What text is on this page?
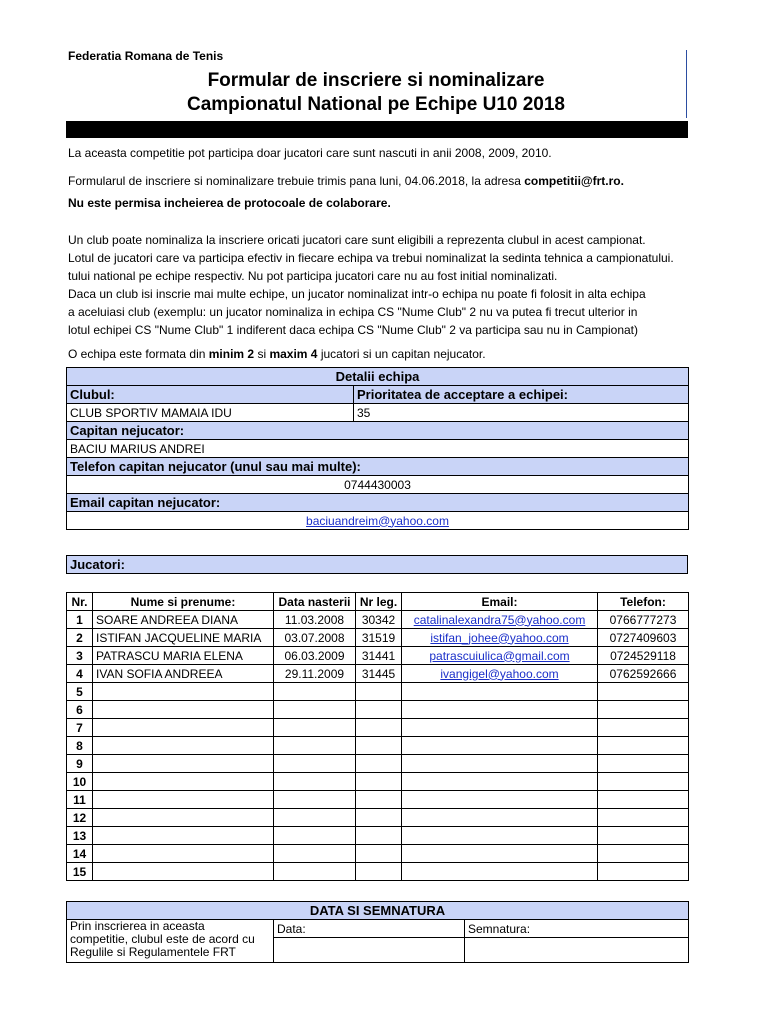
Federatia Romana de Tenis
Formular de inscriere si nominalizare
Campionatul National pe Echipe U10 2018
La aceasta competitie pot participa doar jucatori care sunt nascuti in anii 2008, 2009, 2010.
Formularul de inscriere si nominalizare trebuie trimis pana luni, 04.06.2018, la adresa competitii@frt.ro.
Nu este permisa incheierea de protocoale de colaborare.
Un club poate nominaliza la inscriere oricati jucatori care sunt eligibili a reprezenta clubul in acest campionat.
Lotul de jucatori care va participa efectiv in fiecare echipa va trebui nominalizat la sedinta tehnica a campionatului.
tului national pe echipe respectiv. Nu pot participa jucatori care nu au fost initial nominalizati.
Daca un club isi inscrie mai multe echipe, un jucator nominalizat intr-o echipa nu poate fi folosit in alta echipa
a aceluiasi club (exemplu: un jucator nominaliza in echipa CS "Nume Club" 2 nu va putea fi trecut ulterior in
lotul echipei CS "Nume Club" 1 indiferent daca echipa CS "Nume Club" 2 va participa sau nu in Campionat)
O echipa este formata din minim 2 si maxim 4 jucatori si un capitan nejucator.
Detalii echipa	
Clubul:	Prioritatea de acceptare a echipei:
CLUB SPORTIV MAMAIA IDU	35
Capitan nejucator:	
BACIU MARIUS ANDREI	
Telefon capitan nejucator (unul sau mai multe):	
0744430003	
Email capitan nejucator:	
baciuandreim@yahoo.com	
Jucatori:
Nr.	Nume si prenume:	Data nasterii	Nr leg.	Email:	Telefon:
1	SOARE ANDREEA DIANA	11.03.2008	30342	catalinalexandra75@yahoo.com	0766777273
2	ISTIFAN JACQUELINE MARIA	03.07.2008	31519	istifan_johee@yahoo.com	0727409603
3	PATRASCU MARIA ELENA	06.03.2009	31441	patrascuiulica@gmail.com	0724529118
4	IVAN SOFIA ANDREEA	29.11.2009	31445	ivangigel@yahoo.com	0762592666
5					
6					
7					
8					
9					
10					
11					
12					
13					
14					
15					
DATA SI SEMNATURA		

Prin inscrierea in aceasta
competitie, clubul este de acord cu
Regulile si Regulamentele FRT	Data:	Semnatura:
